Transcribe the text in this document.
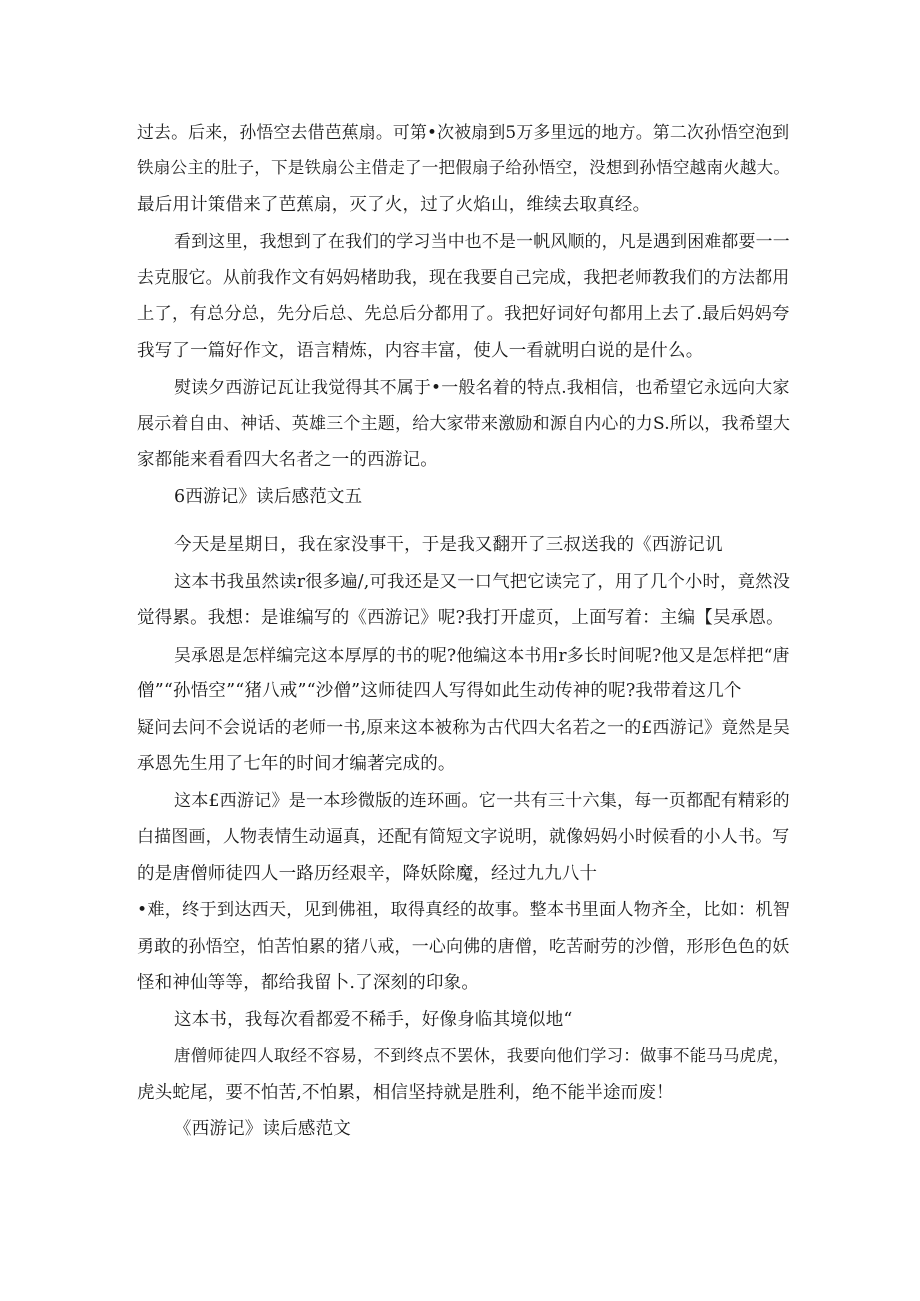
过去。后来，孙悟空去借芭蕉扇。可第•次被扇到5万多里远的地方。第二次孙悟空泡到
铁扇公主的肚子，下是铁扇公主借走了一把假扇子给孙悟空，没想到孙悟空越南火越大。
最后用计策借来了芭蕉扇，灭了火，过了火焰山，维续去取真经。
看到这里，我想到了在我们的学习当中也不是一帆风顺的，凡是遇到困难都要一一
去克服它。从前我作文有妈妈楮助我，现在我要自己完成，我把老师教我们的方法都用
上了，有总分总，先分后总、先总后分都用了。我把好词好句都用上去了.最后妈妈夸
我写了一篇好作文，语言精炼，内容丰富，使人一看就明白说的是什么。
熨读夕西游记瓦让我觉得其不属于•一般名着的特点.我相信，也希望它永远向大家
展示着自由、神话、英雄三个主题，给大家带来激励和源自内心的力S.所以，我希望大
家都能来看看四大名者之一的西游记。
6西游记》读后感范文五
今天是星期日，我在家没事干，于是我又翻开了三叔送我的《西游记讥
这本书我虽然读r很多遍/,可我还是又一口气把它读完了，用了几个小时，竟然没
觉得累。我想：是谁编写的《西游记》呢?我打开虚页，上面写着：主编【吴承恩。
吴承恩是怎样编完这本厚厚的书的呢?他编这本书用r多长时间呢?他又是怎样把“唐
僧”“孙悟空”“猪八戒”“沙僧”这师徒四人写得如此生动传神的呢?我带着这几个
疑问去问不会说话的老师一书,原来这本被称为古代四大名若之一的£西游记》竟然是吴
承恩先生用了七年的时间才编著完成的。
这本£西游记》是一本珍微版的连环画。它一共有三十六集，每一页都配有精彩的
白描图画，人物表情生动逼真，还配有简短文字说明，就像妈妈小时候看的小人书。写
的是唐僧师徒四人一路历经艰辛，降妖除魔，经过九九八十
•难，终于到达西天，见到佛祖，取得真经的故事。整本书里面人物齐全，比如：机智
勇敢的孙悟空，怕苦怕累的猪八戒，一心向佛的唐僧，吃苦耐劳的沙僧，形形色色的妖
怪和神仙等等，都给我留卜.了深刻的印象。
这本书，我每次看都爱不稀手，好像身临其境似地“
唐僧师徒四人取经不容易，不到终点不罢休，我要向他们学习：做事不能马马虎虎，
虎头蛇尾，要不怕苦,不怕累，相信坚持就是胜利，绝不能半途而废！
《西游记》读后感范文
